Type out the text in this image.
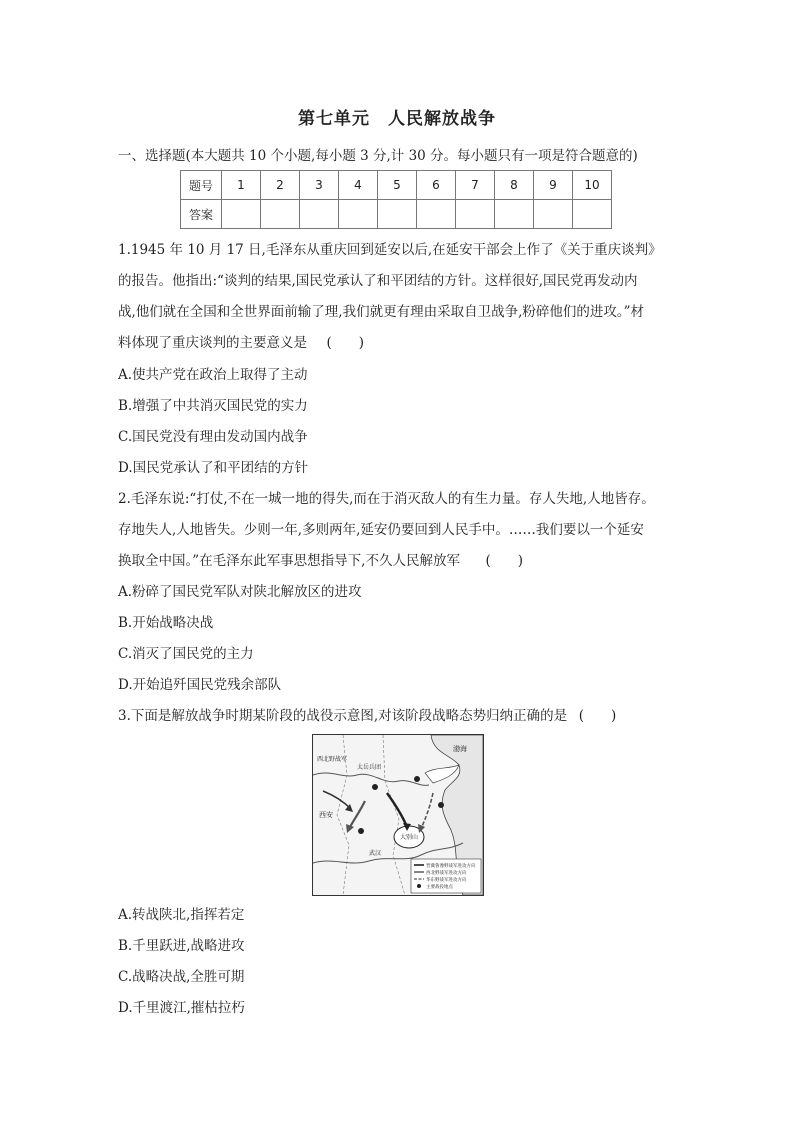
第七单元　人民解放战争
一、选择题(本大题共 10 个小题,每小题 3 分,计 30 分。每小题只有一项是符合题意的)
题号	1	2	3	4	5	6	7	8	9	10
答案										
1.1945 年 10 月 17 日,毛泽东从重庆回到延安以后,在延安干部会上作了《关于重庆谈判》
的报告。他指出:“谈判的结果,国民党承认了和平团结的方针。这样很好,国民党再发动内
战,他们就在全国和全世界面前输了理,我们就更有理由采取自卫战争,粉碎他们的进攻。”材
料体现了重庆谈判的主要意义是 (　　)
A.使共产党在政治上取得了主动
B.增强了中共消灭国民党的实力
C.国民党没有理由发动国内战争
D.国民党承认了和平团结的方针
2.毛泽东说:“打仗,不在一城一地的得失,而在于消灭敌人的有生力量。存人失地,人地皆存。
存地失人,人地皆失。少则一年,多则两年,延安仍要回到人民手中。……我们要以一个延安
换取全中国。”在毛泽东此军事思想指导下,不久人民解放军 (　　)
A.粉碎了国民党军队对陕北解放区的进攻
B.开始战略决战
C.消灭了国民党的主力
D.开始追歼国民党残余部队
3.下面是解放战争时期某阶段的战役示意图,对该阶段战略态势归纳正确的是 (　　)
西北野战军
太岳兵团
西安
渤海
大别山
武汉
晋冀鲁豫野战军进攻方向
西北野战军进攻方向
华东野战军进攻方向
主要战役地点
A.转战陕北,指挥若定
B.千里跃进,战略进攻
C.战略决战,全胜可期
D.千里渡江,摧枯拉朽
